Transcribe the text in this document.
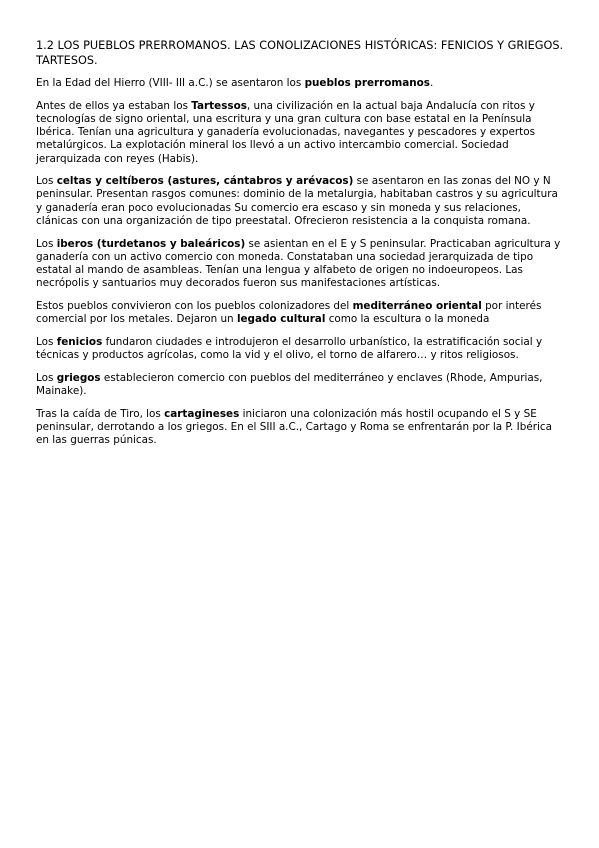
1.2 LOS PUEBLOS PRERROMANOS. LAS CONOLIZACIONES HISTÓRICAS: FENICIOS Y GRIEGOS. TARTESOS.

En la Edad del Hierro (VIII- III a.C.) se asentaron los pueblos prerromanos.

Antes de ellos ya estaban los Tartessos, una civilización en la actual baja Andalucía con ritos y tecnologías de signo oriental, una escritura y una gran cultura con base estatal en la Península Ibérica. Tenían una agricultura y ganadería evolucionadas, navegantes y pescadores y expertos metalúrgicos. La explotación mineral los llevó a un activo intercambio comercial. Sociedad jerarquizada con reyes (Habis).

Los celtas y celtíberos (astures, cántabros y arévacos) se asentaron en las zonas del NO y N peninsular. Presentan rasgos comunes: dominio de la metalurgia, habitaban castros y su agricultura y ganadería eran poco evolucionadas Su comercio era escaso y sin moneda y sus relaciones, clánicas con una organización de tipo preestatal. Ofrecieron resistencia a la conquista romana.

Los iberos (turdetanos y baleáricos) se asientan en el E y S peninsular. Practicaban agricultura y ganadería con un activo comercio con moneda. Constataban una sociedad jerarquizada de tipo estatal al mando de asambleas. Tenían una lengua y alfabeto de origen no indoeuropeos. Las necrópolis y santuarios muy decorados fueron sus manifestaciones artísticas.

Estos pueblos convivieron con los pueblos colonizadores del mediterráneo oriental por interés comercial por los metales. Dejaron un legado cultural como la escultura o la moneda

Los fenicios fundaron ciudades e introdujeron el desarrollo urbanístico, la estratificación social y técnicas y productos agrícolas, como la vid y el olivo, el torno de alfarero… y ritos religiosos.

Los griegos establecieron comercio con pueblos del mediterráneo y enclaves (Rhode, Ampurias, Mainake).

Tras la caída de Tiro, los cartagineses iniciaron una colonización más hostil ocupando el S y SE peninsular, derrotando a los griegos. En el SIII a.C., Cartago y Roma se enfrentarán por la P. Ibérica en las guerras púnicas.
